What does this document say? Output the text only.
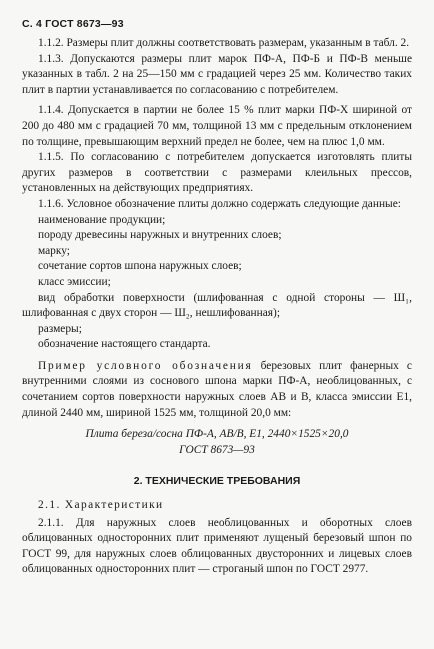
С. 4 ГОСТ 8673—93

1.1.2. Размеры плит должны соответствовать размерам, указанным в табл. 2.

1.1.3. Допускаются размеры плит марок ПФ-А, ПФ-Б и ПФ-В меньше указанных в табл. 2 на 25—150 мм с градацией через 25 мм. Количество таких плит в партии устанавливается по согласованию с потребителем.

1.1.4. Допускается в партии не более 15 % плит марки ПФ-Х шириной от 200 до 480 мм с градацией 70 мм, толщиной 13 мм с предельным отклонением по толщине, превышающим верхний предел не более, чем на плюс 1,0 мм.

1.1.5. По согласованию с потребителем допускается изготовлять плиты других размеров в соответствии с размерами клеильных прессов, установленных на действующих предприятиях.

1.1.6. Условное обозначение плиты должно содержать следующие данные:

наименование продукции;
породу древесины наружных и внутренних слоев;
марку;
сочетание сортов шпона наружных слоев;
класс эмиссии;

вид обработки поверхности (шлифованная с одной стороны — Ш₁, шлифованная с двух сторон — Ш₂, нешлифованная);

размеры;
обозначение настоящего стандарта.

Пример условного обозначения березовых плит фанерных с внутренними слоями из соснового шпона марки ПФ-А, необлицованных, с сочетанием сортов поверхности наружных слоев АВ и В, класса эмиссии Е1, длиной 2440 мм, шириной 1525 мм, толщиной 20,0 мм:

Плита береза/сосна ПФ-А, АВ/В, Е1, 2440×1525×20,0
ГОСТ 8673—93

2. ТЕХНИЧЕСКИЕ ТРЕБОВАНИЯ

2.1. Характеристики

2.1.1. Для наружных слоев необлицованных и оборотных слоев облицованных односторонних плит применяют лущеный березовый шпон по ГОСТ 99, для наружных слоев облицованных двусторонних и лицевых слоев облицованных односторонних плит — строганый шпон по ГОСТ 2977.
